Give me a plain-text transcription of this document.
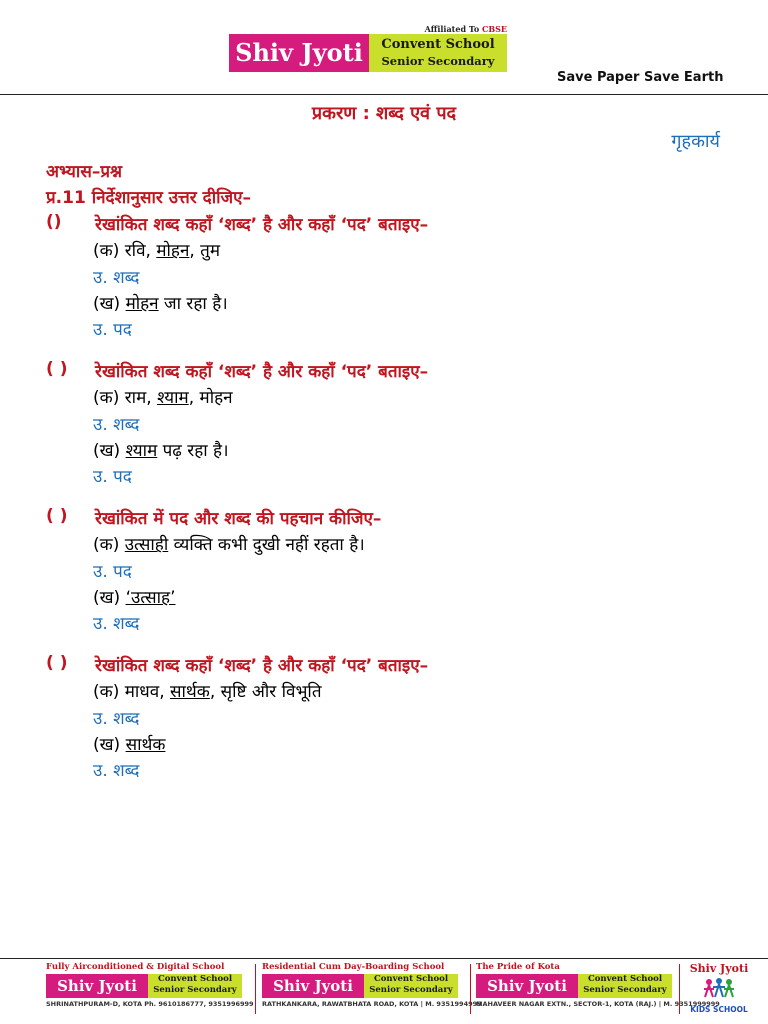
Affiliated To CBSE
Shiv Jyoti	Convent School
Senior Secondary
Save Paper Save Earth
प्रकरण : शब्द एवं पद
गृहकार्य
अभ्यास–प्रश्न
प्र.11 निर्देशानुसार उत्तर दीजिए–
() रेखांकित शब्द कहाँ ‘शब्द’ है और कहाँ ‘पद’ बताइए–
(क) रवि, मोहन, तुम
उ. शब्द
(ख) मोहन जा रहा है।
उ. पद
( ) रेखांकित शब्द कहाँ ‘शब्द’ है और कहाँ ‘पद’ बताइए–
(क) राम, श्याम, मोहन
उ. शब्द
(ख) श्याम पढ़ रहा है।
उ. पद
( ) रेखांकित में पद और शब्द की पहचान कीजिए–
(क) उत्साही व्यक्ति कभी दुखी नहीं रहता है।
उ. पद
(ख) ‘उत्साह’
उ. शब्द
( ) रेखांकित शब्द कहाँ ‘शब्द’ है और कहाँ ‘पद’ बताइए–
(क) माधव, सार्थक, सृष्टि और विभूति
उ. शब्द
(ख) सार्थक
उ. शब्द
Fully Airconditioned & Digital School
Shiv Jyoti	Convent School
Senior Secondary
SHRINATHPURAM-D, KOTA Ph. 9610186777, 9351996999
Residential Cum Day-Boarding School
Shiv Jyoti	Convent School
Senior Secondary
RATHKANKARA, RAWATBHATA ROAD, KOTA | M. 9351994999
The Pride of Kota
Shiv Jyoti	Convent School
Senior Secondary
MAHAVEER NAGAR EXTN., SECTOR-1, KOTA (RAJ.) | M. 9351999999
Shiv Jyoti
KIDS SCHOOL
